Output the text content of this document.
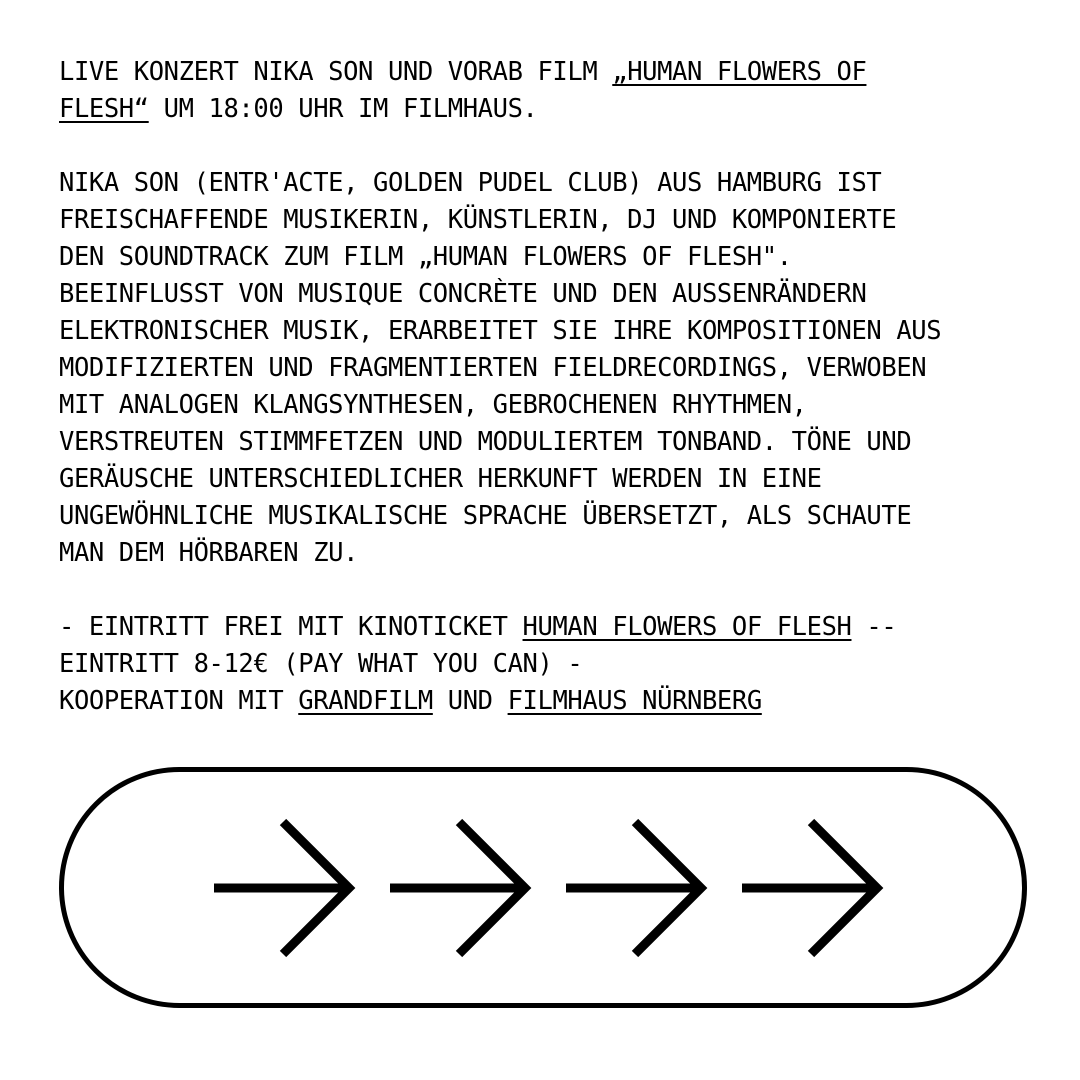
LIVE KONZERT NIKA SON UND VORAB FILM „HUMAN FLOWERS OF
FLESH“ UM 18:00 UHR IM FILMHAUS.
NIKA SON (ENTR'ACTE, GOLDEN PUDEL CLUB) AUS HAMBURG IST
FREISCHAFFENDE MUSIKERIN, KÜNSTLERIN, DJ UND KOMPONIERTE
DEN SOUNDTRACK ZUM FILM „HUMAN FLOWERS OF FLESH".
BEEINFLUSST VON MUSIQUE CONCRÈTE UND DEN AUSSENRÄNDERN
ELEKTRONISCHER MUSIK, ERARBEITET SIE IHRE KOMPOSITIONEN AUS
MODIFIZIERTEN UND FRAGMENTIERTEN FIELDRECORDINGS, VERWOBEN
MIT ANALOGEN KLANGSYNTHESEN, GEBROCHENEN RHYTHMEN,
VERSTREUTEN STIMMFETZEN UND MODULIERTEM TONBAND. TÖNE UND
GERÄUSCHE UNTERSCHIEDLICHER HERKUNFT WERDEN IN EINE
UNGEWÖHNLICHE MUSIKALISCHE SPRACHE ÜBERSETZT, ALS SCHAUTE
MAN DEM HÖRBAREN ZU.
- EINTRITT FREI MIT KINOTICKET HUMAN FLOWERS OF FLESH --
EINTRITT 8-12€ (PAY WHAT YOU CAN) -
KOOPERATION MIT GRANDFILM UND FILMHAUS NÜRNBERG
